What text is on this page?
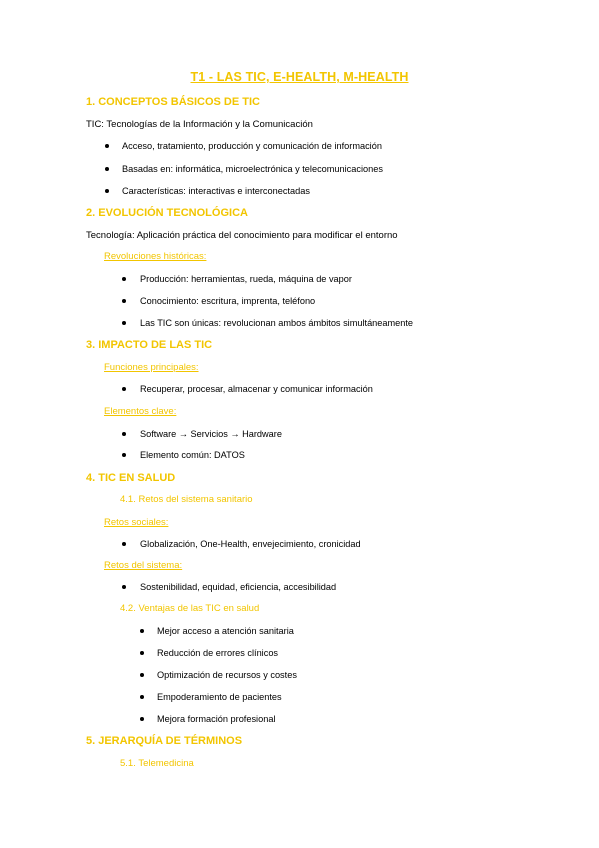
T1 - LAS TIC, E-HEALTH, M-HEALTH
1. CONCEPTOS BÁSICOS DE TIC
TIC: Tecnologías de la Información y la Comunicación
Acceso, tratamiento, producción y comunicación de información
Basadas en: informática, microelectrónica y telecomunicaciones
Características: interactivas e interconectadas
2. EVOLUCIÓN TECNOLÓGICA
Tecnología: Aplicación práctica del conocimiento para modificar el entorno
Revoluciones históricas:
Producción: herramientas, rueda, máquina de vapor
Conocimiento: escritura, imprenta, teléfono
Las TIC son únicas: revolucionan ambos ámbitos simultáneamente
3. IMPACTO DE LAS TIC
Funciones principales:
Recuperar, procesar, almacenar y comunicar información
Elementos clave:
Software → Servicios → Hardware
Elemento común: DATOS
4. TIC EN SALUD
4.1. Retos del sistema sanitario
Retos sociales:
Globalización, One-Health, envejecimiento, cronicidad
Retos del sistema:
Sostenibilidad, equidad, eficiencia, accesibilidad
4.2. Ventajas de las TIC en salud
Mejor acceso a atención sanitaria
Reducción de errores clínicos
Optimización de recursos y costes
Empoderamiento de pacientes
Mejora formación profesional
5. JERARQUÍA DE TÉRMINOS
5.1. Telemedicina
